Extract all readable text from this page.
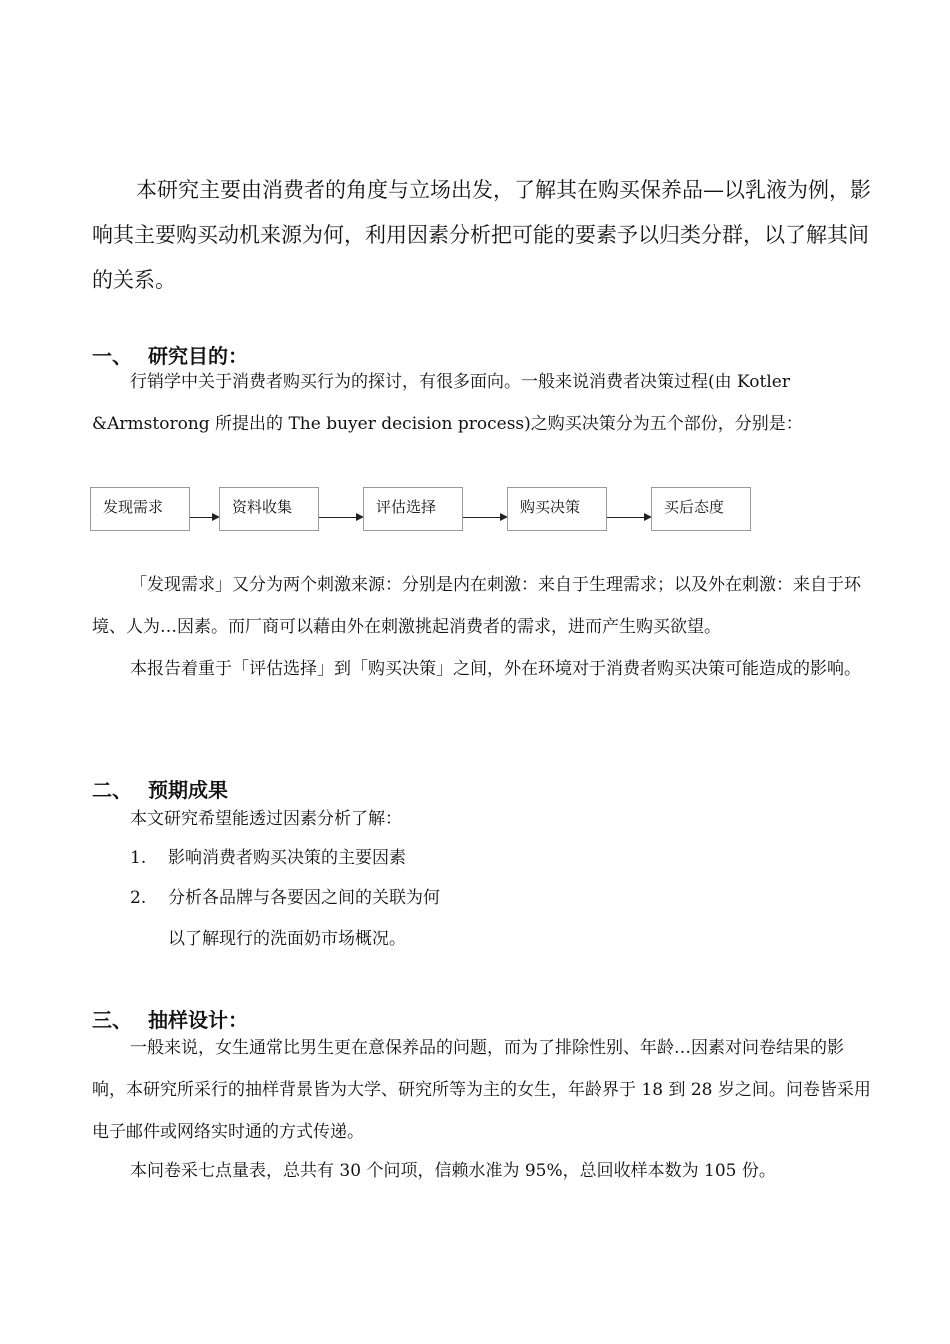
本研究主要由消费者的角度与立场出发，了解其在购买保养品—以乳液为例，影响其主要购买动机来源为何，利用因素分析把可能的要素予以归类分群，以了解其间的关系。

一、 研究目的：

行销学中关于消费者购买行为的探讨，有很多面向。一般来说消费者决策过程(由 Kotler &Armstorong 所提出的 The buyer decision process)之购买决策分为五个部份，分别是：

发现需求	资料收集	评估选择	购买决策	买后态度

「发现需求」又分为两个刺激来源：分别是内在刺激：来自于生理需求；以及外在刺激：来自于环境、人为…因素。而厂商可以藉由外在刺激挑起消费者的需求，进而产生购买欲望。

本报告着重于「评估选择」到「购买决策」之间，外在环境对于消费者购买决策可能造成的影响。

二、 预期成果

本文研究希望能透过因素分析了解：

1. 影响消费者购买决策的主要因素

2. 分析各品牌与各要因之间的关联为何

以了解现行的洗面奶市场概况。

三、 抽样设计：

一般来说，女生通常比男生更在意保养品的问题，而为了排除性别、年龄…因素对问卷结果的影响，本研究所采行的抽样背景皆为大学、研究所等为主的女生，年龄界于 18 到 28 岁之间。问卷皆采用电子邮件或网络实时通的方式传递。

本问卷采七点量表，总共有 30 个问项，信赖水准为 95%，总回收样本数为 105 份。
